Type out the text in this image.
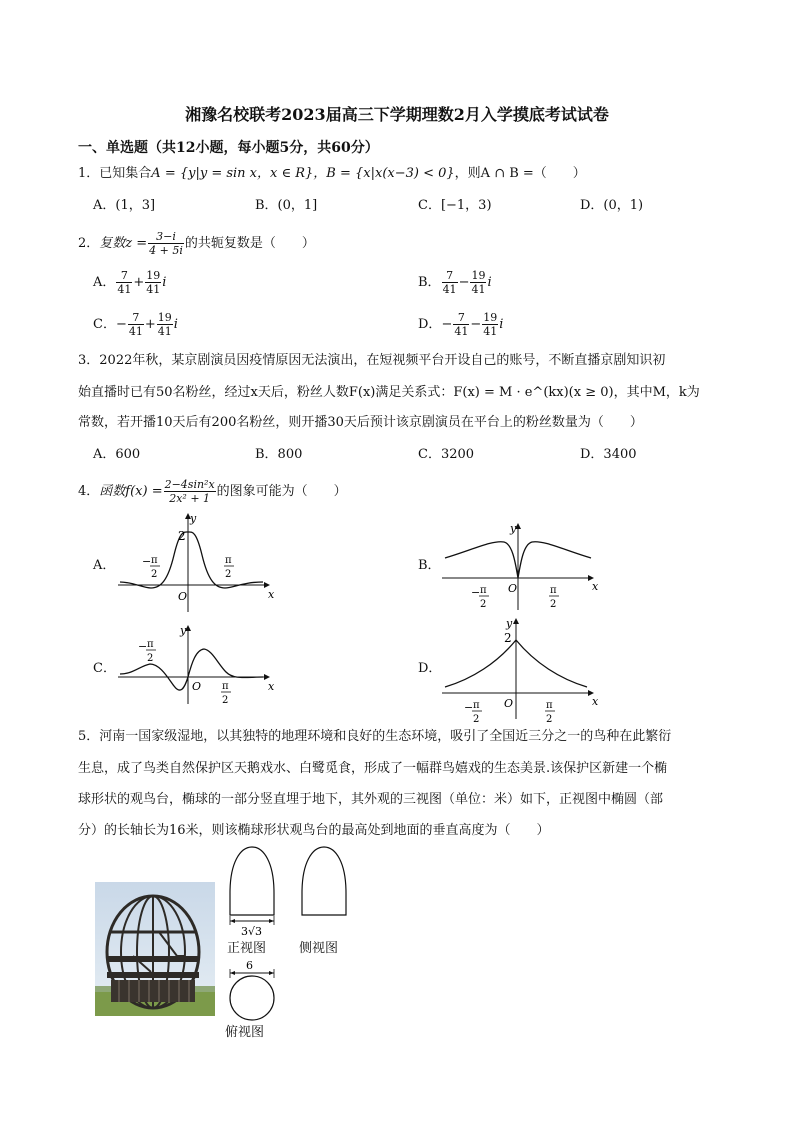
湘豫名校联考2023届高三下学期理数2月入学摸底考试试卷
一、单选题（共12小题，每小题5分，共60分）
1．已知集合A = {y|y = sin x，x ∈ R}，B = {x|x(x−3) < 0}，则A ∩ B =（　　）
A．(1，3]	B．(0，1]	C．[−1，3)	D．(0，1)
2．复数$z = \frac{3-i}{4 + 5i}$ 的共轭复数是（　　）
A． $\frac{7}{41} + \frac{19}{41}$ i	B． $\frac{7}{41} - \frac{19}{41}$ i
C．− $\frac{7}{41} + \frac{19}{41}$ i	D．− $\frac{7}{41} - \frac{19}{41}$ i
3．2022年秋，某京剧演员因疫情原因无法演出，在短视频平台开设自己的账号，不断直播京剧知识初
始直播时已有50名粉丝，经过x天后，粉丝人数F(x)满足关系式：F(x) = M · e^(kx)(x ≥ 0)，其中M，k为
常数，若开播10天后有200名粉丝，则开播30天后预计该京剧演员在平台上的粉丝数量为（　　）
A．600	B．800	C．3200	D．3400
4．函数$f(x) = \frac{\text{2−4sin²x}}{\text{2x² + 1}}$ 的图象可能为（　　）
A．	B．
C．	D．
y
2
x
O
− π
2
π
2
y
x
O
− π
2
π
2
y
x
O
− π
2
π
2
y
2
x
O
− π
2
π
2
5．河南一国家级湿地，以其独特的地理环境和良好的生态环境，吸引了全国近三分之一的鸟种在此繁衍
生息，成了鸟类自然保护区天鹅戏水、白鹭觅食，形成了一幅群鸟嬉戏的生态美景.该保护区新建一个椭
球形状的观鸟台，椭球的一部分竖直埋于地下，其外观的三视图（单位：米）如下，正视图中椭圆（部
分）的长轴长为16米，则该椭球形状观鸟台的最高处到地面的垂直高度为（　　）
3√3
正视图	侧视图
6
俯视图
